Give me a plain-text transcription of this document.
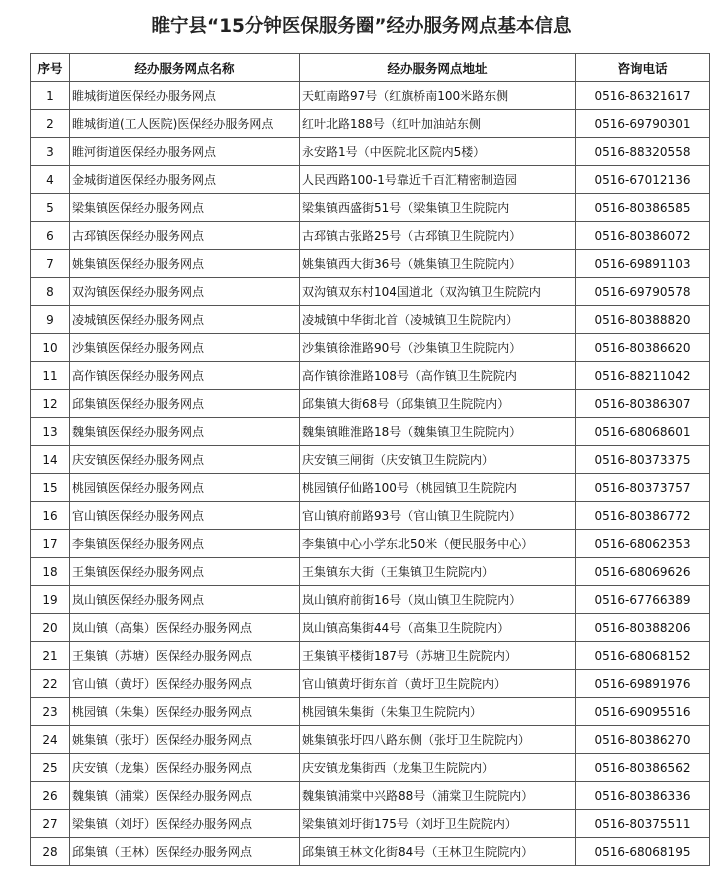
睢宁县“15分钟医保服务圈”经办服务网点基本信息
序号	经办服务网点名称	经办服务网点地址	咨询电话
1	睢城街道医保经办服务网点	天虹南路97号（红旗桥南100米路东侧	0516-86321617
2	睢城街道(工人医院)医保经办服务网点	红叶北路188号（红叶加油站东侧	0516-69790301
3	睢河街道医保经办服务网点	永安路1号（中医院北区院内5楼）	0516-88320558
4	金城街道医保经办服务网点	人民西路100-1号靠近千百汇精密制造园	0516-67012136
5	梁集镇医保经办服务网点	梁集镇西盛街51号（梁集镇卫生院院内	0516-80386585
6	古邳镇医保经办服务网点	古邳镇古张路25号（古邳镇卫生院院内）	0516-80386072
7	姚集镇医保经办服务网点	姚集镇西大街36号（姚集镇卫生院院内）	0516-69891103
8	双沟镇医保经办服务网点	双沟镇双东村104国道北（双沟镇卫生院院内	0516-69790578
9	凌城镇医保经办服务网点	凌城镇中华街北首（凌城镇卫生院院内）	0516-80388820
10	沙集镇医保经办服务网点	沙集镇徐淮路90号（沙集镇卫生院院内）	0516-80386620
11	高作镇医保经办服务网点	高作镇徐淮路108号（高作镇卫生院院内	0516-88211042
12	邱集镇医保经办服务网点	邱集镇大街68号（邱集镇卫生院院内）	0516-80386307
13	魏集镇医保经办服务网点	魏集镇睢淮路18号（魏集镇卫生院院内）	0516-68068601
14	庆安镇医保经办服务网点	庆安镇三闸街（庆安镇卫生院院内）	0516-80373375
15	桃园镇医保经办服务网点	桃园镇仔仙路100号（桃园镇卫生院院内	0516-80373757
16	官山镇医保经办服务网点	官山镇府前路93号（官山镇卫生院院内）	0516-80386772
17	李集镇医保经办服务网点	李集镇中心小学东北50米（便民服务中心）	0516-68062353
18	王集镇医保经办服务网点	王集镇东大街（王集镇卫生院院内）	0516-68069626
19	岚山镇医保经办服务网点	岚山镇府前街16号（岚山镇卫生院院内）	0516-67766389
20	岚山镇（高集）医保经办服务网点	岚山镇高集街44号（高集卫生院院内）	0516-80388206
21	王集镇（苏塘）医保经办服务网点	王集镇平楼街187号（苏塘卫生院院内）	0516-68068152
22	官山镇（黄圩）医保经办服务网点	官山镇黄圩街东首（黄圩卫生院院内）	0516-69891976
23	桃园镇（朱集）医保经办服务网点	桃园镇朱集街（朱集卫生院院内）	0516-69095516
24	姚集镇（张圩）医保经办服务网点	姚集镇张圩四八路东侧（张圩卫生院院内）	0516-80386270
25	庆安镇（龙集）医保经办服务网点	庆安镇龙集街西（龙集卫生院院内）	0516-80386562
26	魏集镇（浦棠）医保经办服务网点	魏集镇浦棠中兴路88号（浦棠卫生院院内）	0516-80386336
27	梁集镇（刘圩）医保经办服务网点	梁集镇刘圩街175号（刘圩卫生院院内）	0516-80375511
28	邱集镇（王林）医保经办服务网点	邱集镇王林文化街84号（王林卫生院院内）	0516-68068195
